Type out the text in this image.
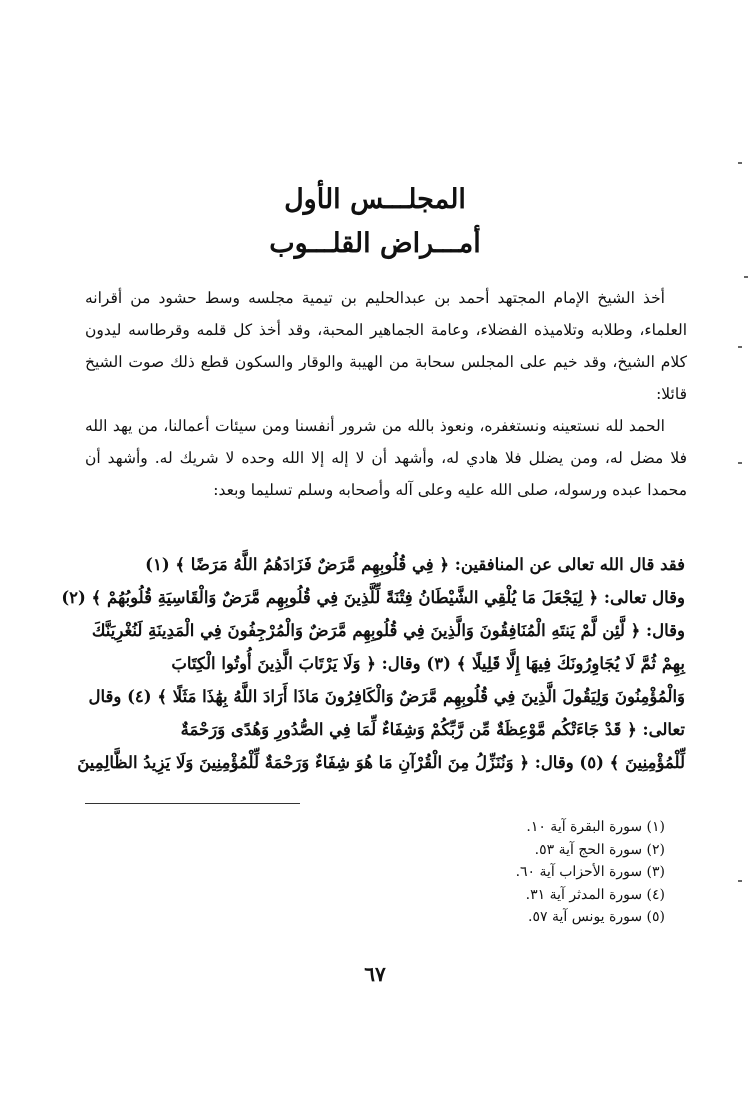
المجلـــس الأول
أمـــراض القلـــوب

أخذ الشيخ الإمام المجتهد أحمد بن عبدالحليم بن تيمية مجلسه وسط حشود من أقرانه العلماء، وطلابه وتلاميذه الفضلاء، وعامة الجماهير المحبة، وقد أخذ كل قلمه وقرطاسه ليدون كلام الشيخ، وقد خيم على المجلس سحابة من الهيبة والوقار والسكون قطع ذلك صوت الشيخ قائلا:

الحمد لله نستعينه ونستغفره، ونعوذ بالله من شرور أنفسنا ومن سيئات أعمالنا، من يهد الله فلا مضل له، ومن يضلل فلا هادي له، وأشهد أن لا إله إلا الله وحده لا شريك له. وأشهد أن محمدا عبده ورسوله، صلى الله عليه وعلى آله وأصحابه وسلم تسليما وبعد:

فقد قال الله تعالى عن المنافقين: ﴿ فِي قُلُوبِهِم مَّرَضٌ فَزَادَهُمُ اللَّهُ مَرَضًا ﴾ (١)
وقال تعالى: ﴿ لِيَجْعَلَ مَا يُلْقِي الشَّيْطَانُ فِتْنَةً لِّلَّذِينَ فِي قُلُوبِهِم مَّرَضٌ وَالْقَاسِيَةِ قُلُوبُهُمْ ﴾ (٢)
وقال: ﴿ لَّئِن لَّمْ يَنتَهِ الْمُنَافِقُونَ وَالَّذِينَ فِي قُلُوبِهِم مَّرَضٌ وَالْمُرْجِفُونَ فِي الْمَدِينَةِ لَنُغْرِيَنَّكَ
بِهِمْ ثُمَّ لَا يُجَاوِرُونَكَ فِيهَا إِلَّا قَلِيلًا ﴾ (٣) وقال: ﴿ وَلَا يَرْتَابَ الَّذِينَ أُوتُوا الْكِتَابَ
وَالْمُؤْمِنُونَ وَلِيَقُولَ الَّذِينَ فِي قُلُوبِهِم مَّرَضٌ وَالْكَافِرُونَ مَاذَا أَرَادَ اللَّهُ بِهَٰذَا مَثَلًا ﴾ (٤) وقال
تعالى: ﴿ قَدْ جَاءَتْكُم مَّوْعِظَةٌ مِّن رَّبِّكُمْ وَشِفَاءٌ لِّمَا فِي الصُّدُورِ وَهُدًى وَرَحْمَةٌ
لِّلْمُؤْمِنِينَ ﴾ (٥) وقال: ﴿ وَنُنَزِّلُ مِنَ الْقُرْآنِ مَا هُوَ شِفَاءٌ وَرَحْمَةٌ لِّلْمُؤْمِنِينَ وَلَا يَزِيدُ الظَّالِمِينَ
(١) سورة البقرة آية ١٠.
(٢) سورة الحج آية ٥٣.
(٣) سورة الأحزاب آية ٦٠.
(٤) سورة المدثر آية ٣١.
(٥) سورة يونس آية ٥٧.
٦٧
